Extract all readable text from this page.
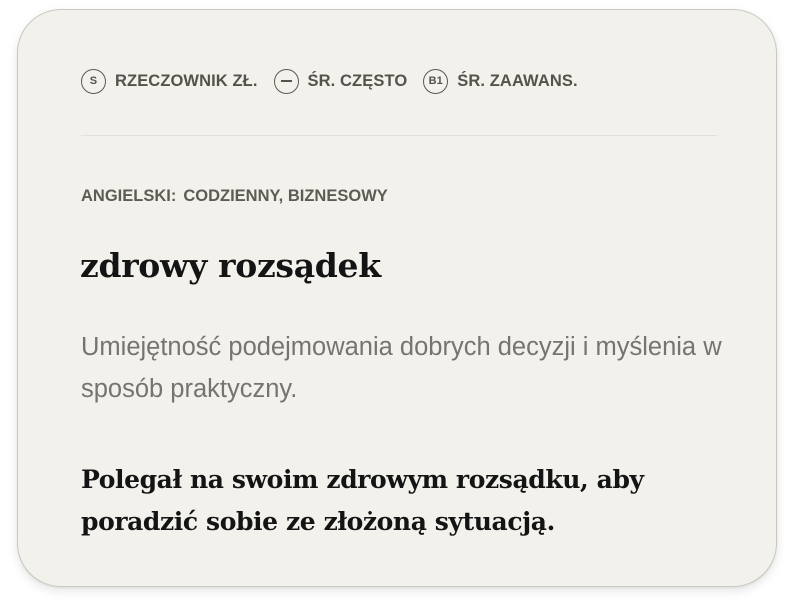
S	RZECZOWNIK ZŁ.	ŚR. CZĘSTO	B1 ŚR. ZAAWANS.
ANGIELSKI: CODZIENNY, BIZNESOWY
zdrowy rozsądek
Umiejętność podejmowania dobrych decyzji i myślenia w sposób praktyczny.
Polegał na swoim zdrowym rozsądku, aby poradzić sobie ze złożoną sytuacją.
